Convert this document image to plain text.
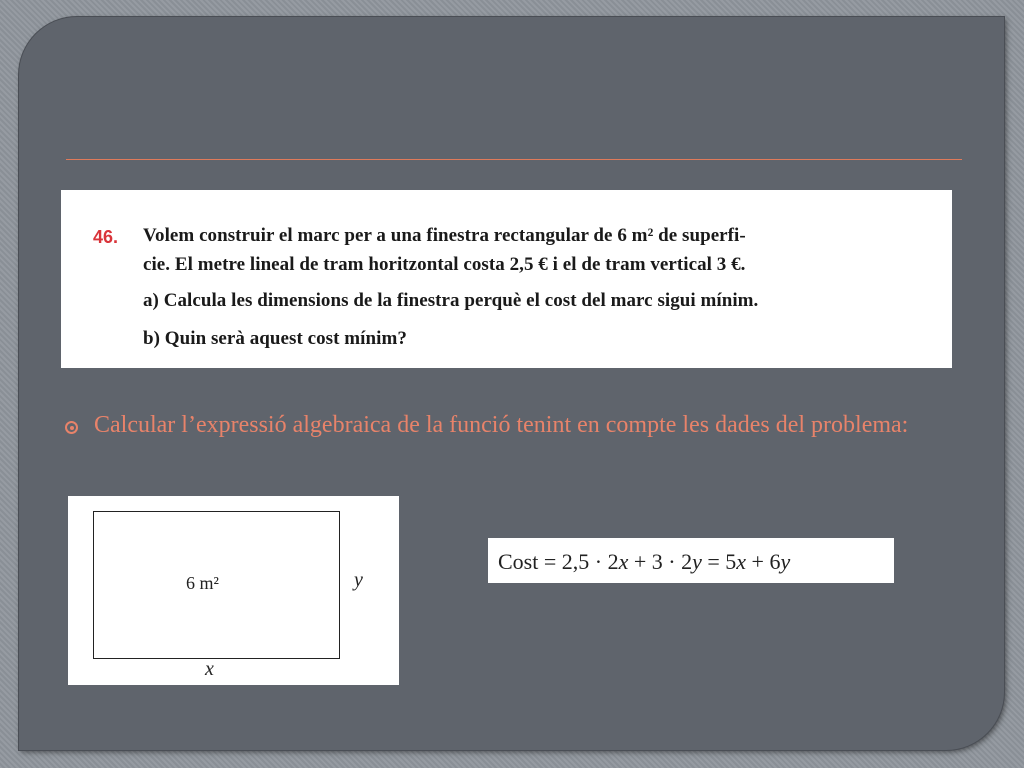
46. Volem construir el marc per a una finestra rectangular de 6 m² de superfi-
cie. El metre lineal de tram horitzontal costa 2,5 € i el de tram vertical 3 €.
a) Calcula les dimensions de la finestra perquè el cost del marc sigui mínim.
b) Quin serà aquest cost mínim?
Calcular l’expressió algebraica de la funció tenint en compte les dades del problema:
6 m²	y
x
Cost = 2,5 · 2x + 3 · 2y = 5x + 6y
